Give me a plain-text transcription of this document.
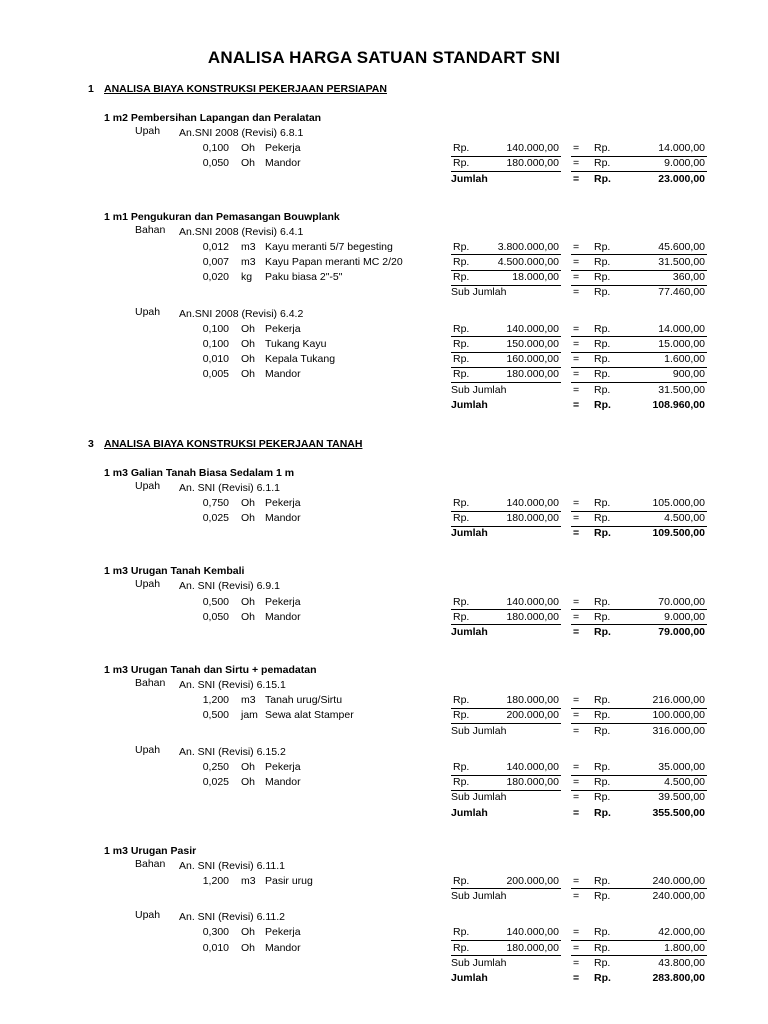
ANALISA HARGA SATUAN STANDART SNI
1 ANALISA BIAYA KONSTRUKSI PEKERJAAN PERSIAPAN
1 m2 Pembersihan Lapangan dan Peralatan
Upah An.SNI 2008 (Revisi) 6.8.1
0,100 Oh Pekerja	Rp.	140.000,00 = Rp.	14.000,00
0,050 Oh Mandor	Rp.	180.000,00 = Rp.	9.000,00
Jumlah	= Rp.	23.000,00
1 m1 Pengukuran dan Pemasangan Bouwplank
Bahan An.SNI 2008 (Revisi) 6.4.1
0,012 m3 Kayu meranti 5/7 begesting	Rp.	3.800.000,00 = Rp.	45.600,00
0,007 m3 Kayu Papan meranti MC 2/20	Rp.	4.500.000,00 = Rp.	31.500,00
0,020 kg Paku biasa 2"-5"	Rp.	18.000,00 = Rp.	360,00
Sub Jumlah	= Rp.	77.460,00
Upah An.SNI 2008 (Revisi) 6.4.2
0,100 Oh Pekerja	Rp.	140.000,00 = Rp.	14.000,00
0,100 Oh Tukang Kayu	Rp.	150.000,00 = Rp.	15.000,00
0,010 Oh Kepala Tukang	Rp.	160.000,00 = Rp.	1.600,00
0,005 Oh Mandor	Rp.	180.000,00 = Rp.	900,00
Sub Jumlah	= Rp.	31.500,00
Jumlah	= Rp.	108.960,00
3 ANALISA BIAYA KONSTRUKSI PEKERJAAN TANAH
1 m3 Galian Tanah Biasa Sedalam 1 m
Upah An. SNI (Revisi) 6.1.1
0,750 Oh Pekerja	Rp.	140.000,00 = Rp.	105.000,00
0,025 Oh Mandor	Rp.	180.000,00 = Rp.	4.500,00
Jumlah	= Rp.	109.500,00
1 m3 Urugan Tanah Kembali
Upah An. SNI (Revisi) 6.9.1
0,500 Oh Pekerja	Rp.	140.000,00 = Rp.	70.000,00
0,050 Oh Mandor	Rp.	180.000,00 = Rp.	9.000,00
Jumlah	= Rp.	79.000,00
1 m3 Urugan Tanah dan Sirtu + pemadatan
Bahan An. SNI (Revisi) 6.15.1
1,200 m3 Tanah urug/Sirtu	Rp.	180.000,00 = Rp.	216.000,00
0,500 jam Sewa alat Stamper	Rp.	200.000,00 = Rp.	100.000,00
Sub Jumlah	= Rp.	316.000,00
Upah An. SNI (Revisi) 6.15.2
0,250 Oh Pekerja	Rp.	140.000,00 = Rp.	35.000,00
0,025 Oh Mandor	Rp.	180.000,00 = Rp.	4.500,00
Sub Jumlah	= Rp.	39.500,00
Jumlah	= Rp.	355.500,00
1 m3 Urugan Pasir
Bahan An. SNI (Revisi) 6.11.1
1,200 m3 Pasir urug	Rp.	200.000,00 = Rp.	240.000,00
Sub Jumlah	= Rp.	240.000,00
Upah An. SNI (Revisi) 6.11.2
0,300 Oh Pekerja	Rp.	140.000,00 = Rp.	42.000,00
0,010 Oh Mandor	Rp.	180.000,00 = Rp.	1.800,00
Sub Jumlah	= Rp.	43.800,00
Jumlah	= Rp.	283.800,00
